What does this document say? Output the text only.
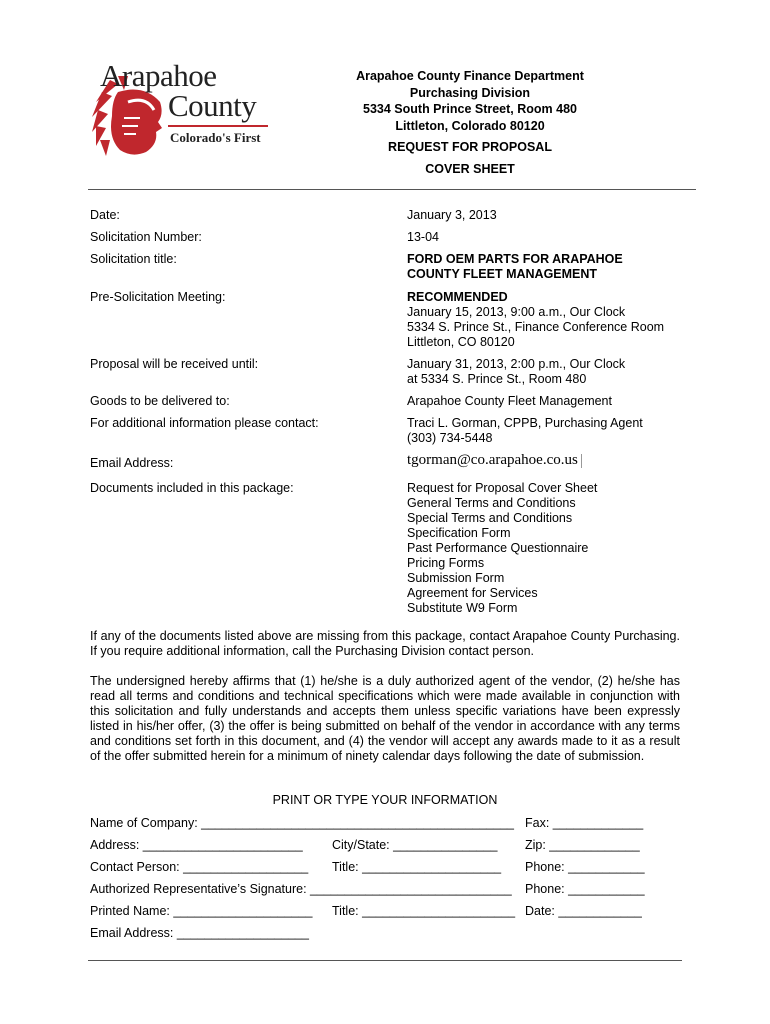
Arapahoe
County
Colorado's First
Arapahoe County Finance Department
Purchasing Division
5334 South Prince Street, Room 480
Littleton, Colorado 80120
REQUEST FOR PROPOSAL
COVER SHEET
Date:	January 3, 2013
Solicitation Number:	13-04
Solicitation title:	FORD OEM PARTS FOR ARAPAHOE
COUNTY FLEET MANAGEMENT
Pre-Solicitation Meeting:	RECOMMENDED
January 15, 2013, 9:00 a.m., Our Clock
5334 S. Prince St., Finance Conference Room
Littleton, CO 80120
Proposal will be received until:	January 31, 2013, 2:00 p.m., Our Clock
at 5334 S. Prince St., Room 480
Goods to be delivered to:	Arapahoe County Fleet Management
For additional information please contact:	Traci L. Gorman, CPPB, Purchasing Agent
(303) 734-5448
Email Address:	tgorman@co.arapahoe.co.us
Documents included in this package:	Request for Proposal Cover Sheet
General Terms and Conditions
Special Terms and Conditions
Specification Form
Past Performance Questionnaire
Pricing Forms
Submission Form
Agreement for Services
Substitute W9 Form
If any of the documents listed above are missing from this package, contact Arapahoe County Purchasing. If you require additional information, call the Purchasing Division contact person.
The undersigned hereby affirms that (1) he/she is a duly authorized agent of the vendor, (2) he/she has read all terms and conditions and technical specifications which were made available in conjunction with this solicitation and fully understands and accepts them unless specific variations have been expressly listed in his/her offer, (3) the offer is being submitted on behalf of the vendor in accordance with any terms and conditions set forth in this document, and (4) the vendor will accept any awards made to it as a result of the offer submitted herein for a minimum of ninety calendar days following the date of submission.
PRINT OR TYPE YOUR INFORMATION
Name of Company: _____________________________________________ Fax: _____________
Address: _______________________ City/State: _______________ Zip: _____________
Contact Person: __________________ Title: ____________________ Phone: ___________
Authorized Representative’s Signature: _____________________________ Phone: ___________
Printed Name: ____________________ Title: ______________________ Date: ____________
Email Address: ___________________
